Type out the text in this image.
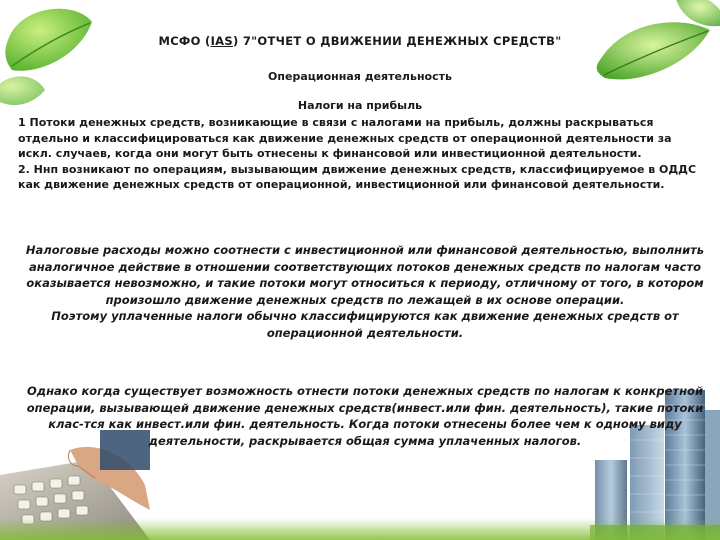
МСФО (IAS) 7"ОТЧЕТ О ДВИЖЕНИИ ДЕНЕЖНЫХ СРЕДСТВ"
Операционная деятельность
Налоги на прибыль

1 Потоки денежных средств, возникающие в связи с налогами на прибыль, должны раскрываться отдельно и классифицироваться как движение денежных средств от операционной деятельности за искл. случаев, когда они могут быть отнесены к финансовой или инвестиционной деятельности.

2. Ннп возникают по операциям, вызывающим движение денежных средств, классифицируемое в ОДДС как движение денежных средств от операционной, инвестиционной или финансовой деятельности.

Налоговые расходы можно соотнести с инвестиционной или финансовой деятельностью, выполнить аналогичное действие в отношении соответствующих потоков денежных средств по налогам часто оказывается невозможно, и такие потоки могут относиться к периоду, отличному от того, в котором произошло движение денежных средств по лежащей в их основе операции.

Поэтому уплаченные налоги обычно классифицируются как движение денежных средств от операционной деятельности.

Однако когда существует возможность отнести потоки денежных средств по налогам к конкретной операции, вызывающей движение денежных средств(инвест.или фин. деятельность), такие потоки клас-тся как инвест.или фин. деятельность. Когда потоки отнесены более чем к одному виду деятельности, раскрывается общая сумма уплаченных налогов.
